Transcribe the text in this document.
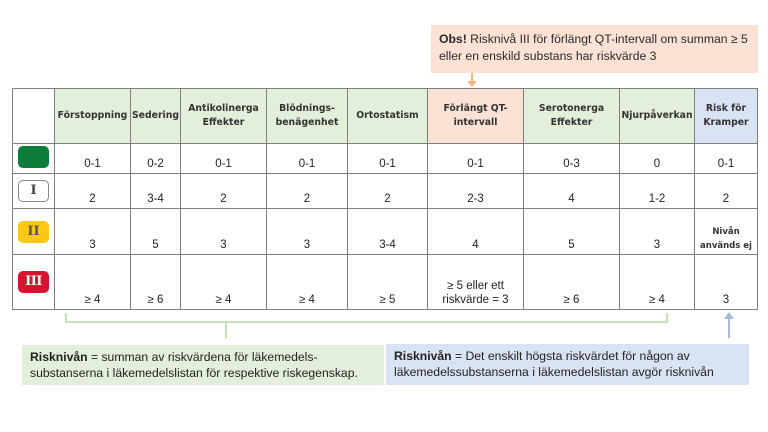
Obs! Risknivå III för förlängt QT-intervall om summan ≥ 5 eller en enskild substans har riskvärde 3
	Förstoppning	Sedering	Antikolinerga Effekter	Blödnings-benägenhet	Ortostatism	Förlängt QT-intervall	Serotonerga Effekter	Njurpåverkan	Risk för Kramper
	0-1	0-2	0-1	0-1	0-1	0-1	0-3	0	0-1
I	2	3-4	2	2	2	2-3	4	1-2	2
II	3	5	3	3	3-4	4	5	3	Nivån används ej
III	≥ 4	≥ 6	≥ 4	≥ 4	≥ 5	≥ 5 eller ett riskvärde = 3	≥ 6	≥ 4	3
Risknivån = summan av riskvärdena för läkemedels-substanserna i läkemedelslistan för respektive riskegenskap.
Risknivån = Det enskilt högsta riskvärdet för någon av läkemedelssubstanserna i läkemedelslistan avgör risknivån
